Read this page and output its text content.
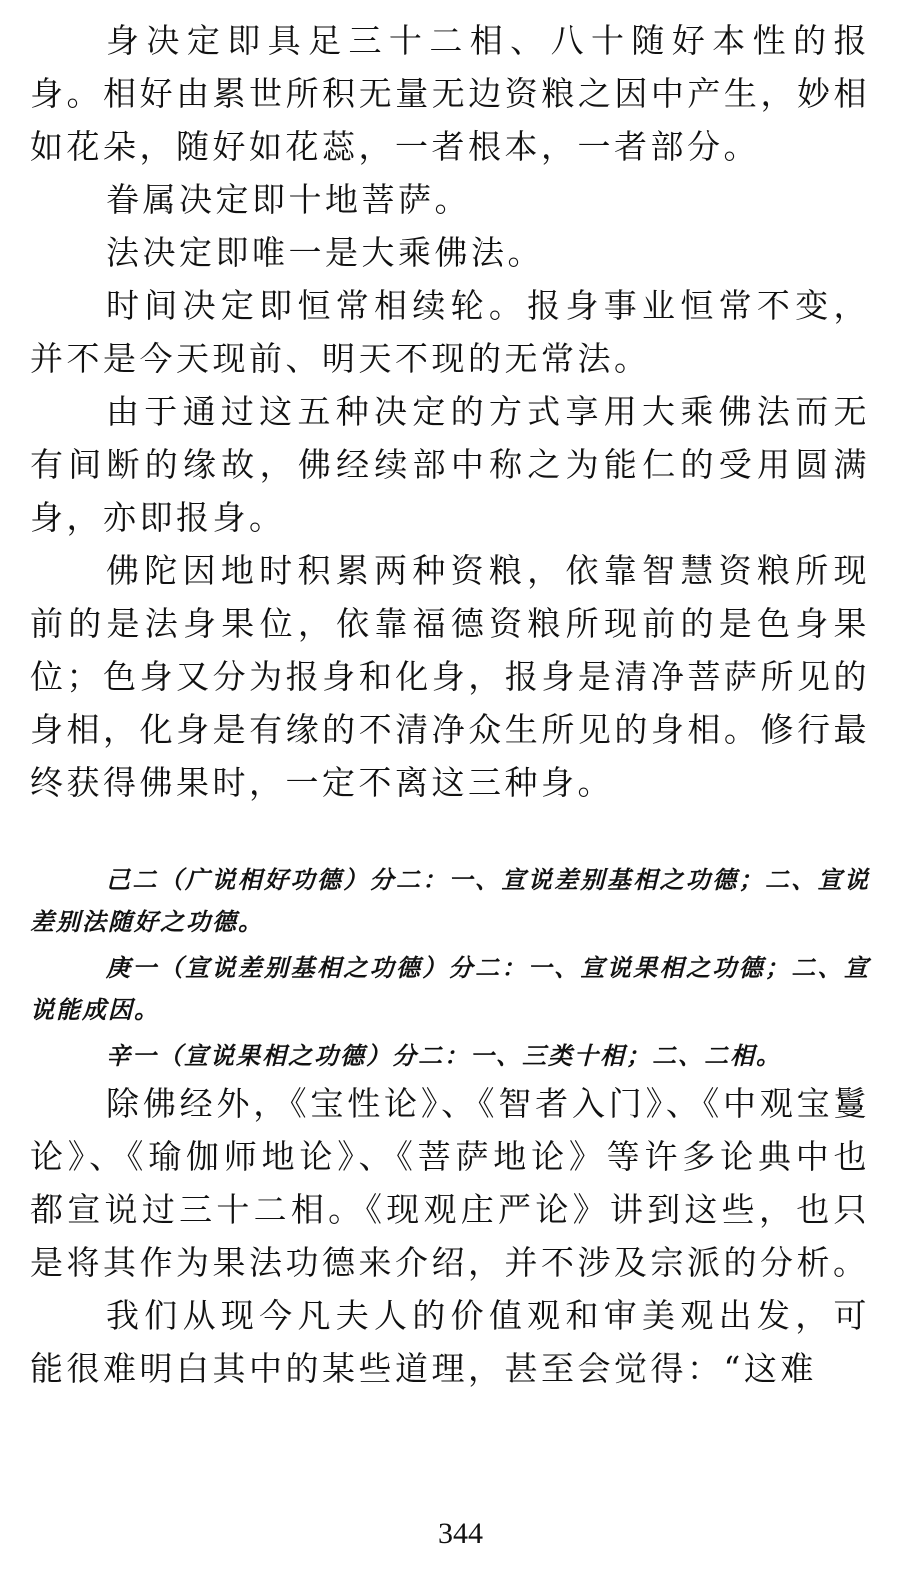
身决定即具足三十二相、八十随好本性的报身。相好由累世所积无量无边资粮之因中产生，妙相如花朵，随好如花蕊，一者根本，一者部分。

眷属决定即十地菩萨。

法决定即唯一是大乘佛法。

时间决定即恒常相续轮。报身事业恒常不变，并不是今天现前、明天不现的无常法。

由于通过这五种决定的方式享用大乘佛法而无有间断的缘故，佛经续部中称之为能仁的受用圆满身，亦即报身。

佛陀因地时积累两种资粮，依靠智慧资粮所现前的是法身果位，依靠福德资粮所现前的是色身果位；色身又分为报身和化身，报身是清净菩萨所见的身相，化身是有缘的不清净众生所见的身相。修行最终获得佛果时，一定不离这三种身。

己二（广说相好功德）分二：一、宣说差别基相之功德；二、宣说差别法随好之功德。

庚一（宣说差别基相之功德）分二：一、宣说果相之功德；二、宣说能成因。

辛一（宣说果相之功德）分二：一、三类十相；二、二相。

除佛经外，《宝性论》、《智者入门》、《中观宝鬘论》、《瑜伽师地论》、《菩萨地论》等许多论典中也都宣说过三十二相。《现观庄严论》讲到这些，也只是将其作为果法功德来介绍，并不涉及宗派的分析。

我们从现今凡夫人的价值观和审美观出发，可能很难明白其中的某些道理，甚至会觉得：“这难

344
